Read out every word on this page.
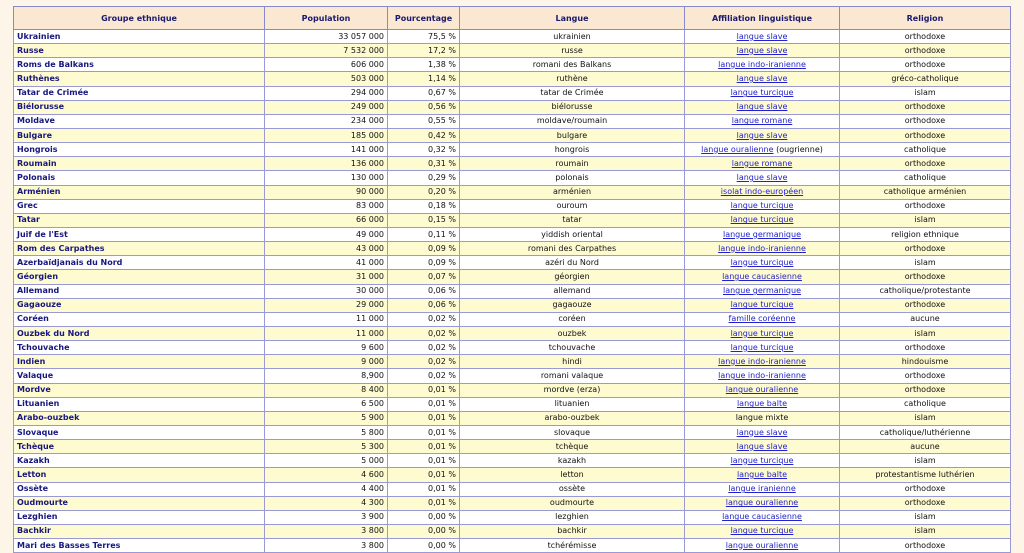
Groupe ethnique	Population	Pourcentage	Langue	Affiliation linguistique	Religion
Ukrainien	33 057 000	75,5 %	ukrainien	langue slave	orthodoxe
Russe	7 532 000	17,2 %	russe	langue slave	orthodoxe
Roms de Balkans	606 000	1,38 %	romani des Balkans	langue indo-iranienne	orthodoxe
Ruthènes	503 000	1,14 %	ruthène	langue slave	gréco-catholique
Tatar de Crimée	294 000	0,67 %	tatar de Crimée	langue turcique	islam
Biélorusse	249 000	0,56 %	biélorusse	langue slave	orthodoxe
Moldave	234 000	0,55 %	moldave/roumain	langue romane	orthodoxe
Bulgare	185 000	0,42 %	bulgare	langue slave	orthodoxe
Hongrois	141 000	0,32 %	hongrois	langue ouralienne (ougrienne)	catholique
Roumain	136 000	0,31 %	roumain	langue romane	orthodoxe
Polonais	130 000	0,29 %	polonais	langue slave	catholique
Arménien	90 000	0,20 %	arménien	isolat indo-européen	catholique arménien
Grec	83 000	0,18 %	ouroum	langue turcique	orthodoxe
Tatar	66 000	0,15 %	tatar	langue turcique	islam
Juif de l'Est	49 000	0,11 %	yiddish oriental	langue germanique	religion ethnique
Rom des Carpathes	43 000	0,09 %	romani des Carpathes	langue indo-iranienne	orthodoxe
Azerbaïdjanais du Nord	41 000	0,09 %	azéri du Nord	langue turcique	islam
Géorgien	31 000	0,07 %	géorgien	langue caucasienne	orthodoxe
Allemand	30 000	0,06 %	allemand	langue germanique	catholique/protestante
Gagaouze	29 000	0,06 %	gagaouze	langue turcique	orthodoxe
Coréen	11 000	0,02 %	coréen	famille coréenne	aucune
Ouzbek du Nord	11 000	0,02 %	ouzbek	langue turcique	islam
Tchouvache	9 600	0,02 %	tchouvache	langue turcique	orthodoxe
Indien	9 000	0,02 %	hindi	langue indo-iranienne	hindouisme
Valaque	8,900	0,02 %	romani valaque	langue indo-iranienne	orthodoxe
Mordve	8 400	0,01 %	mordve (erza)	langue ouralienne	orthodoxe
Lituanien	6 500	0,01 %	lituanien	langue balte	catholique
Arabo-ouzbek	5 900	0,01 %	arabo-ouzbek	langue mixte	islam
Slovaque	5 800	0,01 %	slovaque	langue slave	catholique/luthérienne
Tchèque	5 300	0,01 %	tchèque	langue slave	aucune
Kazakh	5 000	0,01 %	kazakh	langue turcique	islam
Letton	4 600	0,01 %	letton	langue balte	protestantisme luthérien
Ossète	4 400	0,01 %	ossète	langue iranienne	orthodoxe
Oudmourte	4 300	0,01 %	oudmourte	langue ouralienne	orthodoxe
Lezghien	3 900	0,00 %	lezghien	langue caucasienne	islam
Bachkir	3 800	0,00 %	bachkir	langue turcique	islam
Mari des Basses Terres	3 800	0,00 %	tchérémisse	langue ouralienne	orthodoxe
